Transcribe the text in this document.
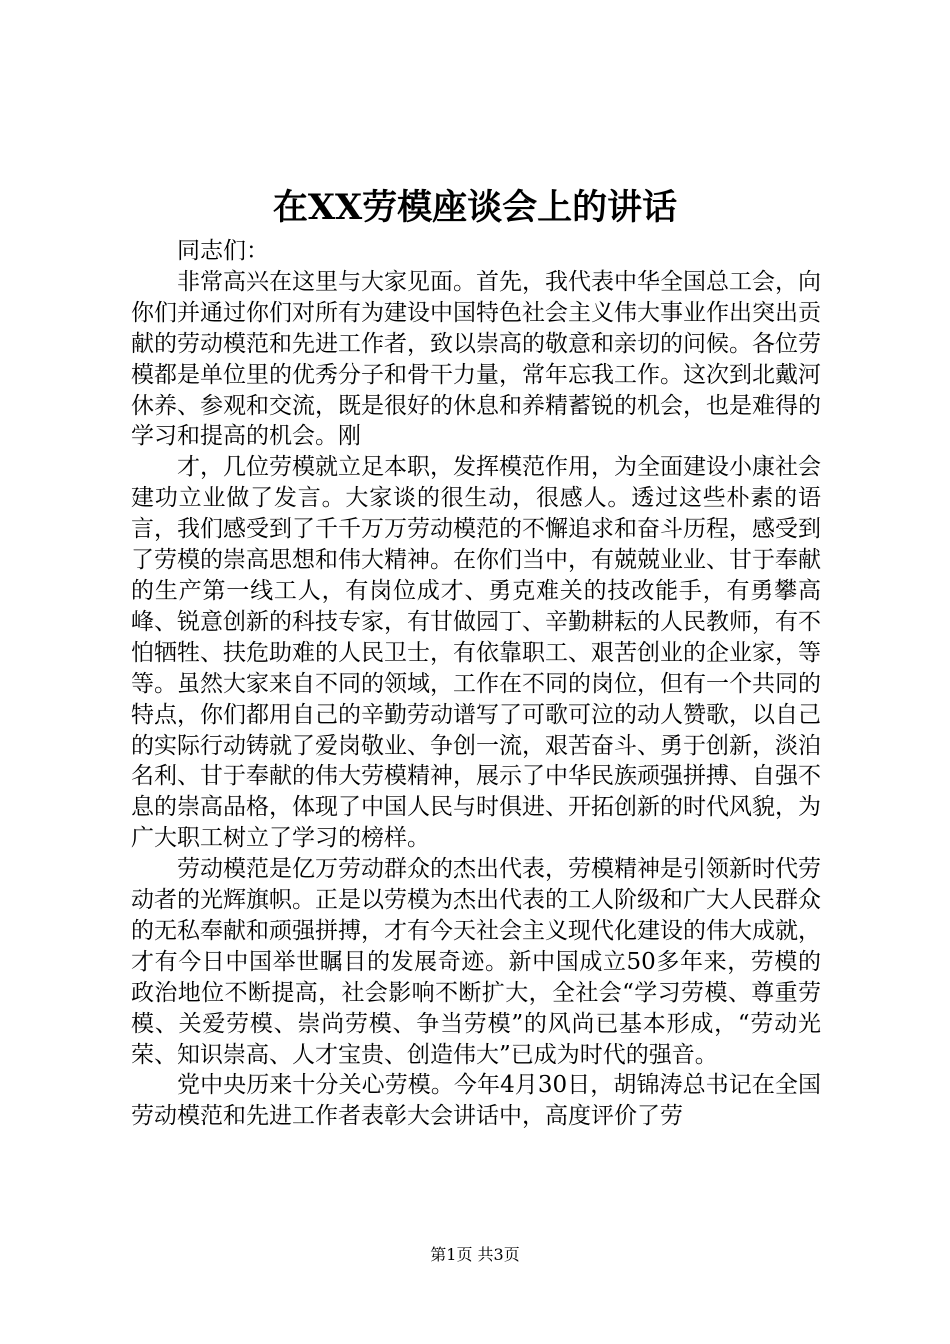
在XX劳模座谈会上的讲话

同志们：

非常高兴在这里与大家见面。首先，我代表中华全国总工会，向你们并通过你们对所有为建设中国特色社会主义伟大事业作出突出贡献的劳动模范和先进工作者，致以崇高的敬意和亲切的问候。各位劳模都是单位里的优秀分子和骨干力量，常年忘我工作。这次到北戴河休养、参观和交流，既是很好的休息和养精蓄锐的机会，也是难得的学习和提高的机会。刚

才，几位劳模就立足本职，发挥模范作用，为全面建设小康社会建功立业做了发言。大家谈的很生动，很感人。透过这些朴素的语言，我们感受到了千千万万劳动模范的不懈追求和奋斗历程，感受到了劳模的崇高思想和伟大精神。在你们当中，有兢兢业业、甘于奉献的生产第一线工人，有岗位成才、勇克难关的技改能手，有勇攀高峰、锐意创新的科技专家，有甘做园丁、辛勤耕耘的人民教师，有不怕牺牲、扶危助难的人民卫士，有依靠职工、艰苦创业的企业家，等等。虽然大家来自不同的领域，工作在不同的岗位，但有一个共同的特点，你们都用自己的辛勤劳动谱写了可歌可泣的动人赞歌，以自己的实际行动铸就了爱岗敬业、争创一流，艰苦奋斗、勇于创新，淡泊名利、甘于奉献的伟大劳模精神，展示了中华民族顽强拼搏、自强不息的崇高品格，体现了中国人民与时俱进、开拓创新的时代风貌，为广大职工树立了学习的榜样。

劳动模范是亿万劳动群众的杰出代表，劳模精神是引领新时代劳动者的光辉旗帜。正是以劳模为杰出代表的工人阶级和广大人民群众的无私奉献和顽强拼搏，才有今天社会主义现代化建设的伟大成就，才有今日中国举世瞩目的发展奇迹。新中国成立50多年来，劳模的政治地位不断提高，社会影响不断扩大，全社会“学习劳模、尊重劳模、关爱劳模、崇尚劳模、争当劳模”的风尚已基本形成，“劳动光荣、知识崇高、人才宝贵、创造伟大”已成为时代的强音。

党中央历来十分关心劳模。今年4月30日，胡锦涛总书记在全国劳动模范和先进工作者表彰大会讲话中，高度评价了劳

第1页 共3页
